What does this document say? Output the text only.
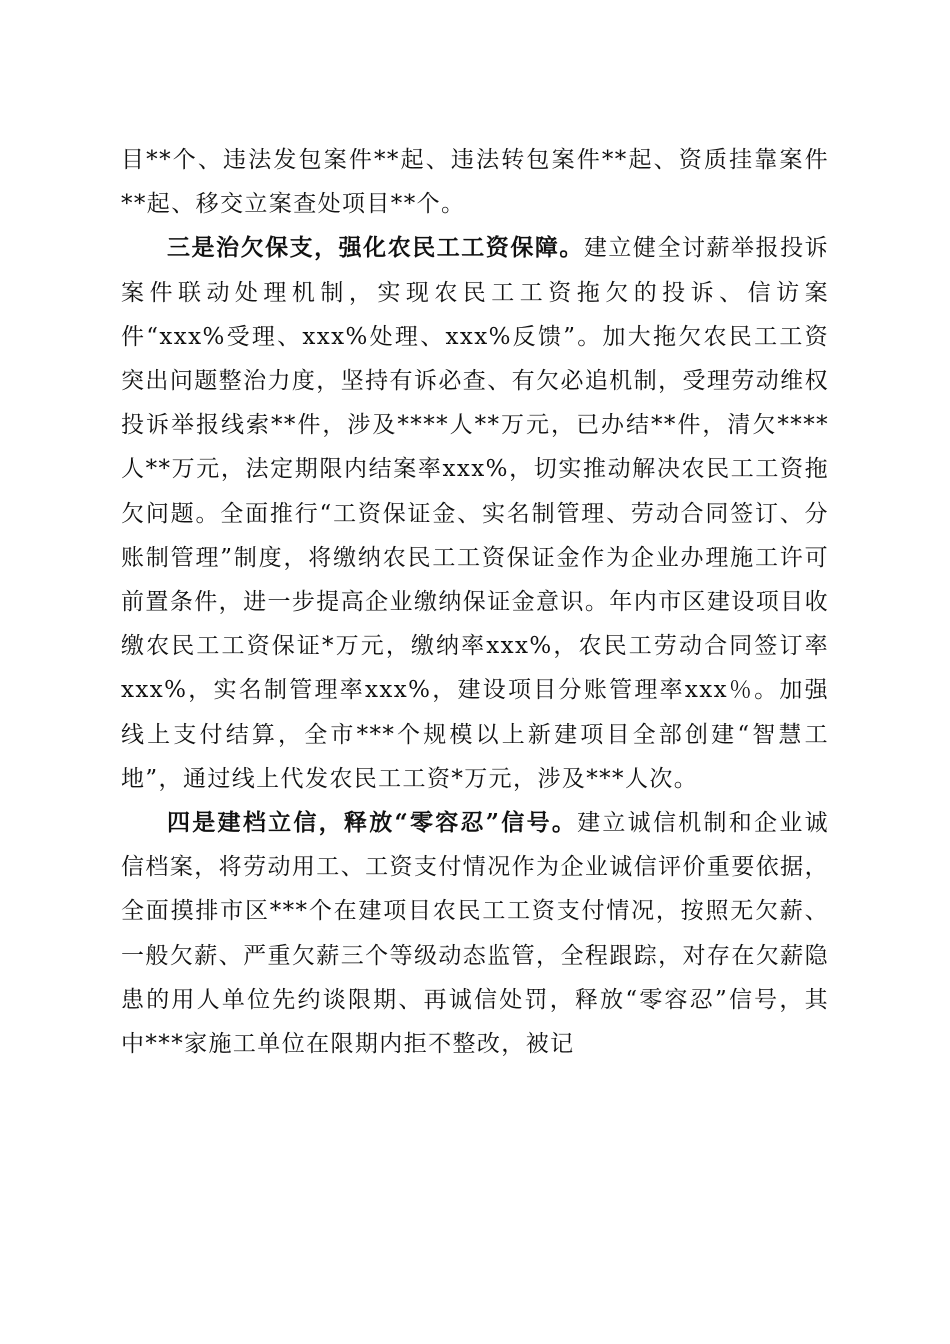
目**个、违法发包案件**起、违法转包案件**起、资质挂靠案件**起、移交立案查处项目**个。

三是治欠保支，强化农民工工资保障。建立健全讨薪举报投诉案件联动处理机制，实现农民工工资拖欠的投诉、信访案件“xxx%受理、xxx%处理、xxx%反馈”。加大拖欠农民工工资突出问题整治力度，坚持有诉必查、有欠必追机制，受理劳动维权投诉举报线索**件，涉及****人**万元，已办结**件，清欠****人**万元，法定期限内结案率xxx%，切实推动解决农民工工资拖欠问题。全面推行“工资保证金、实名制管理、劳动合同签订、分账制管理”制度，将缴纳农民工工资保证金作为企业办理施工许可前置条件，进一步提高企业缴纳保证金意识。年内市区建设项目收缴农民工工资保证*万元，缴纳率xxx%，农民工劳动合同签订率xxx%，实名制管理率xxx%，建设项目分账管理率xxx％。加强线上支付结算，全市***个规模以上新建项目全部创建“智慧工地”，通过线上代发农民工工资*万元，涉及***人次。

四是建档立信，释放“零容忍”信号。建立诚信机制和企业诚信档案，将劳动用工、工资支付情况作为企业诚信评价重要依据，全面摸排市区***个在建项目农民工工资支付情况，按照无欠薪、一般欠薪、严重欠薪三个等级动态监管，全程跟踪，对存在欠薪隐患的用人单位先约谈限期、再诚信处罚，释放“零容忍”信号，其中***家施工单位在限期内拒不整改，被记
